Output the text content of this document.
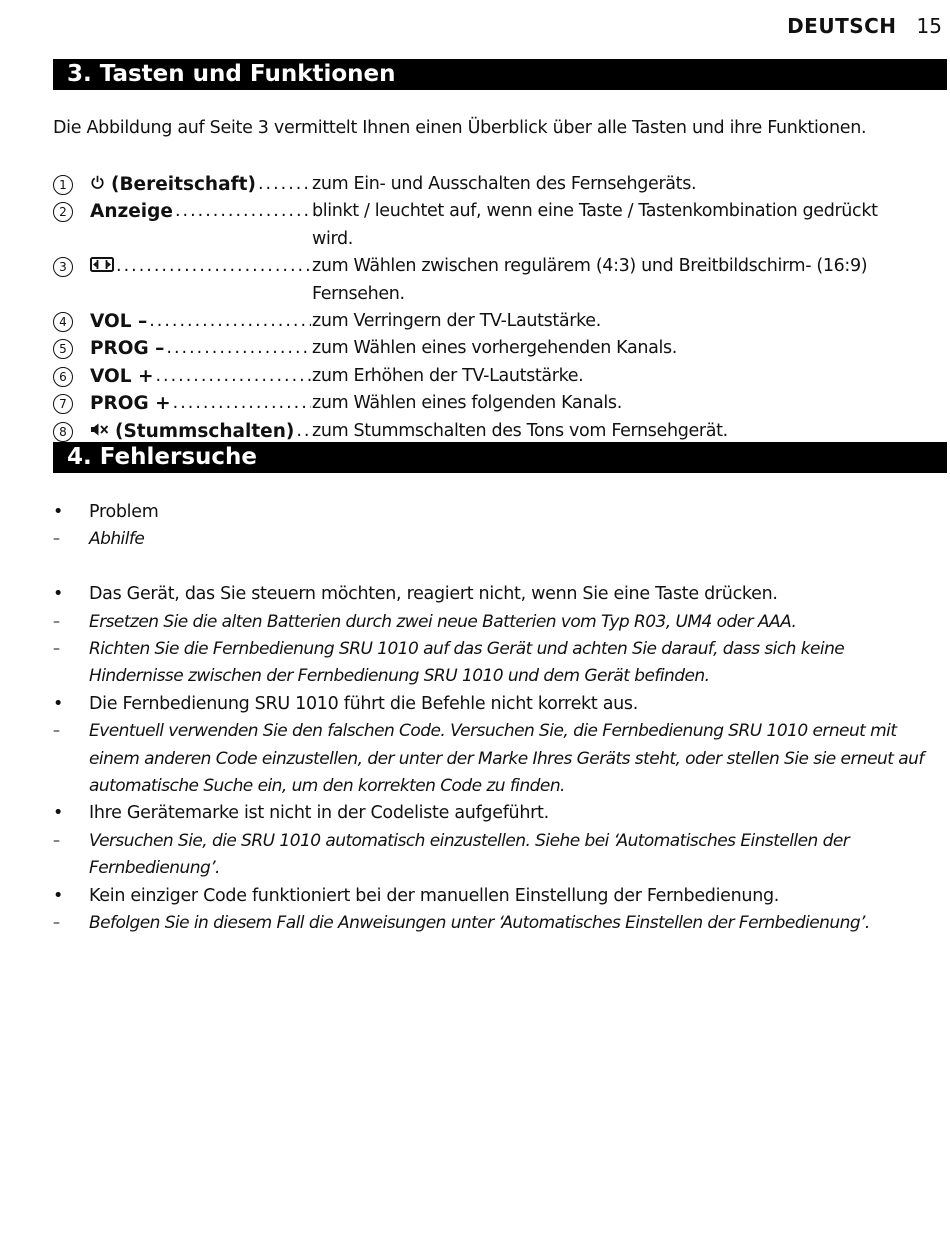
DEUTSCH 15
3. Tasten und Funktionen
Die Abbildung auf Seite 3 vermittelt Ihnen einen Überblick über alle Tasten und ihre Funktionen.
1	(Bereitschaft) .....	zum Ein- und Ausschalten des Fernsehgeräts.
2	Anzeige .....	blinkt / leuchtet auf, wenn eine Taste / Tastenkombination gedrückt wird.
3 .....	zum Wählen zwischen regulärem (4:3) und Breitbildschirm- (16:9) Fernsehen.
4	VOL – .....	zum Verringern der TV-Lautstärke.
5	PROG – .....	zum Wählen eines vorhergehenden Kanals.
6	VOL + .....	zum Erhöhen der TV-Lautstärke.
7	PROG + .....	zum Wählen eines folgenden Kanals.
8	(Stummschalten) ..... zum Stummschalten des Tons vom Fernsehgerät.
4. Fehlersuche
•	Problem
–	Abhilfe
•	Das Gerät, das Sie steuern möchten, reagiert nicht, wenn Sie eine Taste drücken.
–	Ersetzen Sie die alten Batterien durch zwei neue Batterien vom Typ R03, UM4 oder AAA.
–	Richten Sie die Fernbedienung SRU 1010 auf das Gerät und achten Sie darauf, dass sich keine Hindernisse zwischen der Fernbedienung SRU 1010 und dem Gerät befinden.
•	Die Fernbedienung SRU 1010 führt die Befehle nicht korrekt aus.
–	Eventuell verwenden Sie den falschen Code. Versuchen Sie, die Fernbedienung SRU 1010 erneut mit einem anderen Code einzustellen, der unter der Marke Ihres Geräts steht, oder stellen Sie sie erneut auf automatische Suche ein, um den korrekten Code zu finden.
•	Ihre Gerätemarke ist nicht in der Codeliste aufgeführt.
–	Versuchen Sie, die SRU 1010 automatisch einzustellen. Siehe bei ‘Automatisches Einstellen der Fernbedienung’.
•	Kein einziger Code funktioniert bei der manuellen Einstellung der Fernbedienung.
–	Befolgen Sie in diesem Fall die Anweisungen unter ‘Automatisches Einstellen der Fernbedienung’.
